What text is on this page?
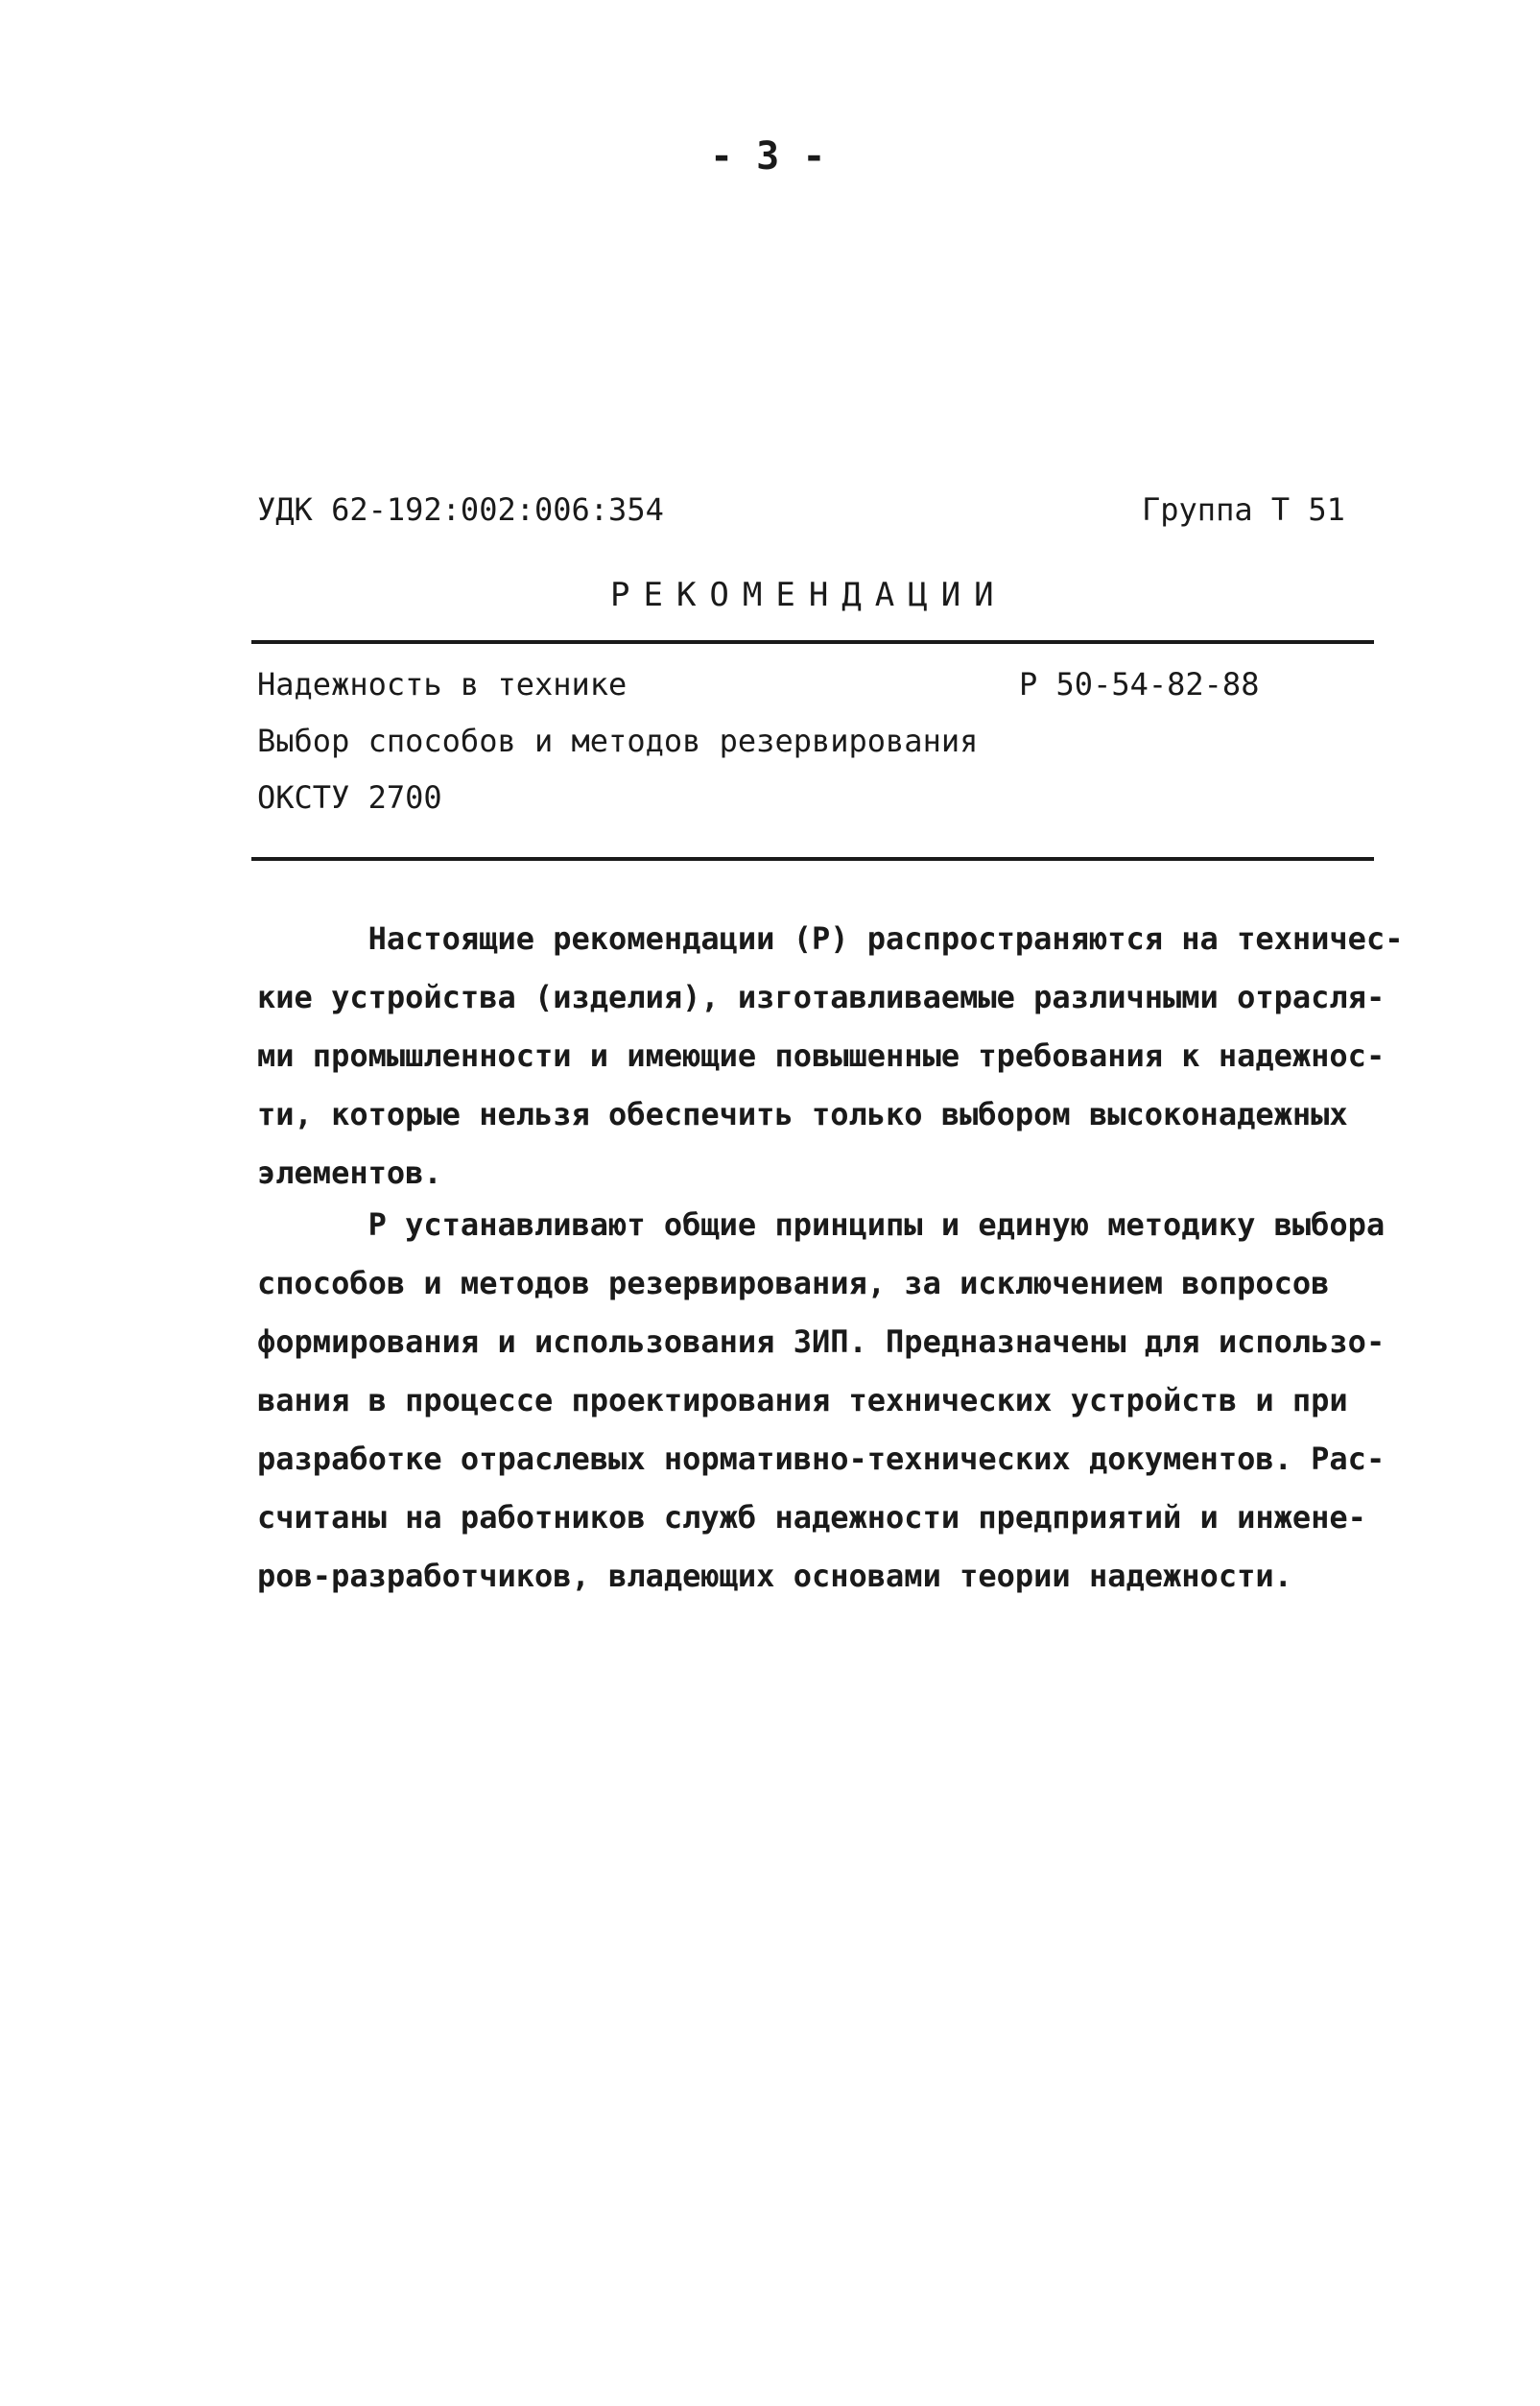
- 3 -
УДК 62-192:002:006:354	Группа Т 51
РЕКОМЕНДАЦИИ
Надежность в технике	Р 50-54-82-88
Выбор способов и методов резервирования
ОКСТУ 2700
Настоящие рекомендации (Р) распространяются на техничес-
кие устройства (изделия), изготавливаемые различными отрасля-
ми промышленности и имеющие повышенные требования к надежнос-
ти, которые нельзя обеспечить только выбором высоконадежных
элементов.
Р устанавливают общие принципы и единую методику выбора
способов и методов резервирования, за исключением вопросов
формирования и использования ЗИП. Предназначены для использо-
вания в процессе проектирования технических устройств и при
разработке отраслевых нормативно-технических документов. Рас-
считаны на работников служб надежности предприятий и инжене-
ров-разработчиков, владеющих основами теории надежности.
